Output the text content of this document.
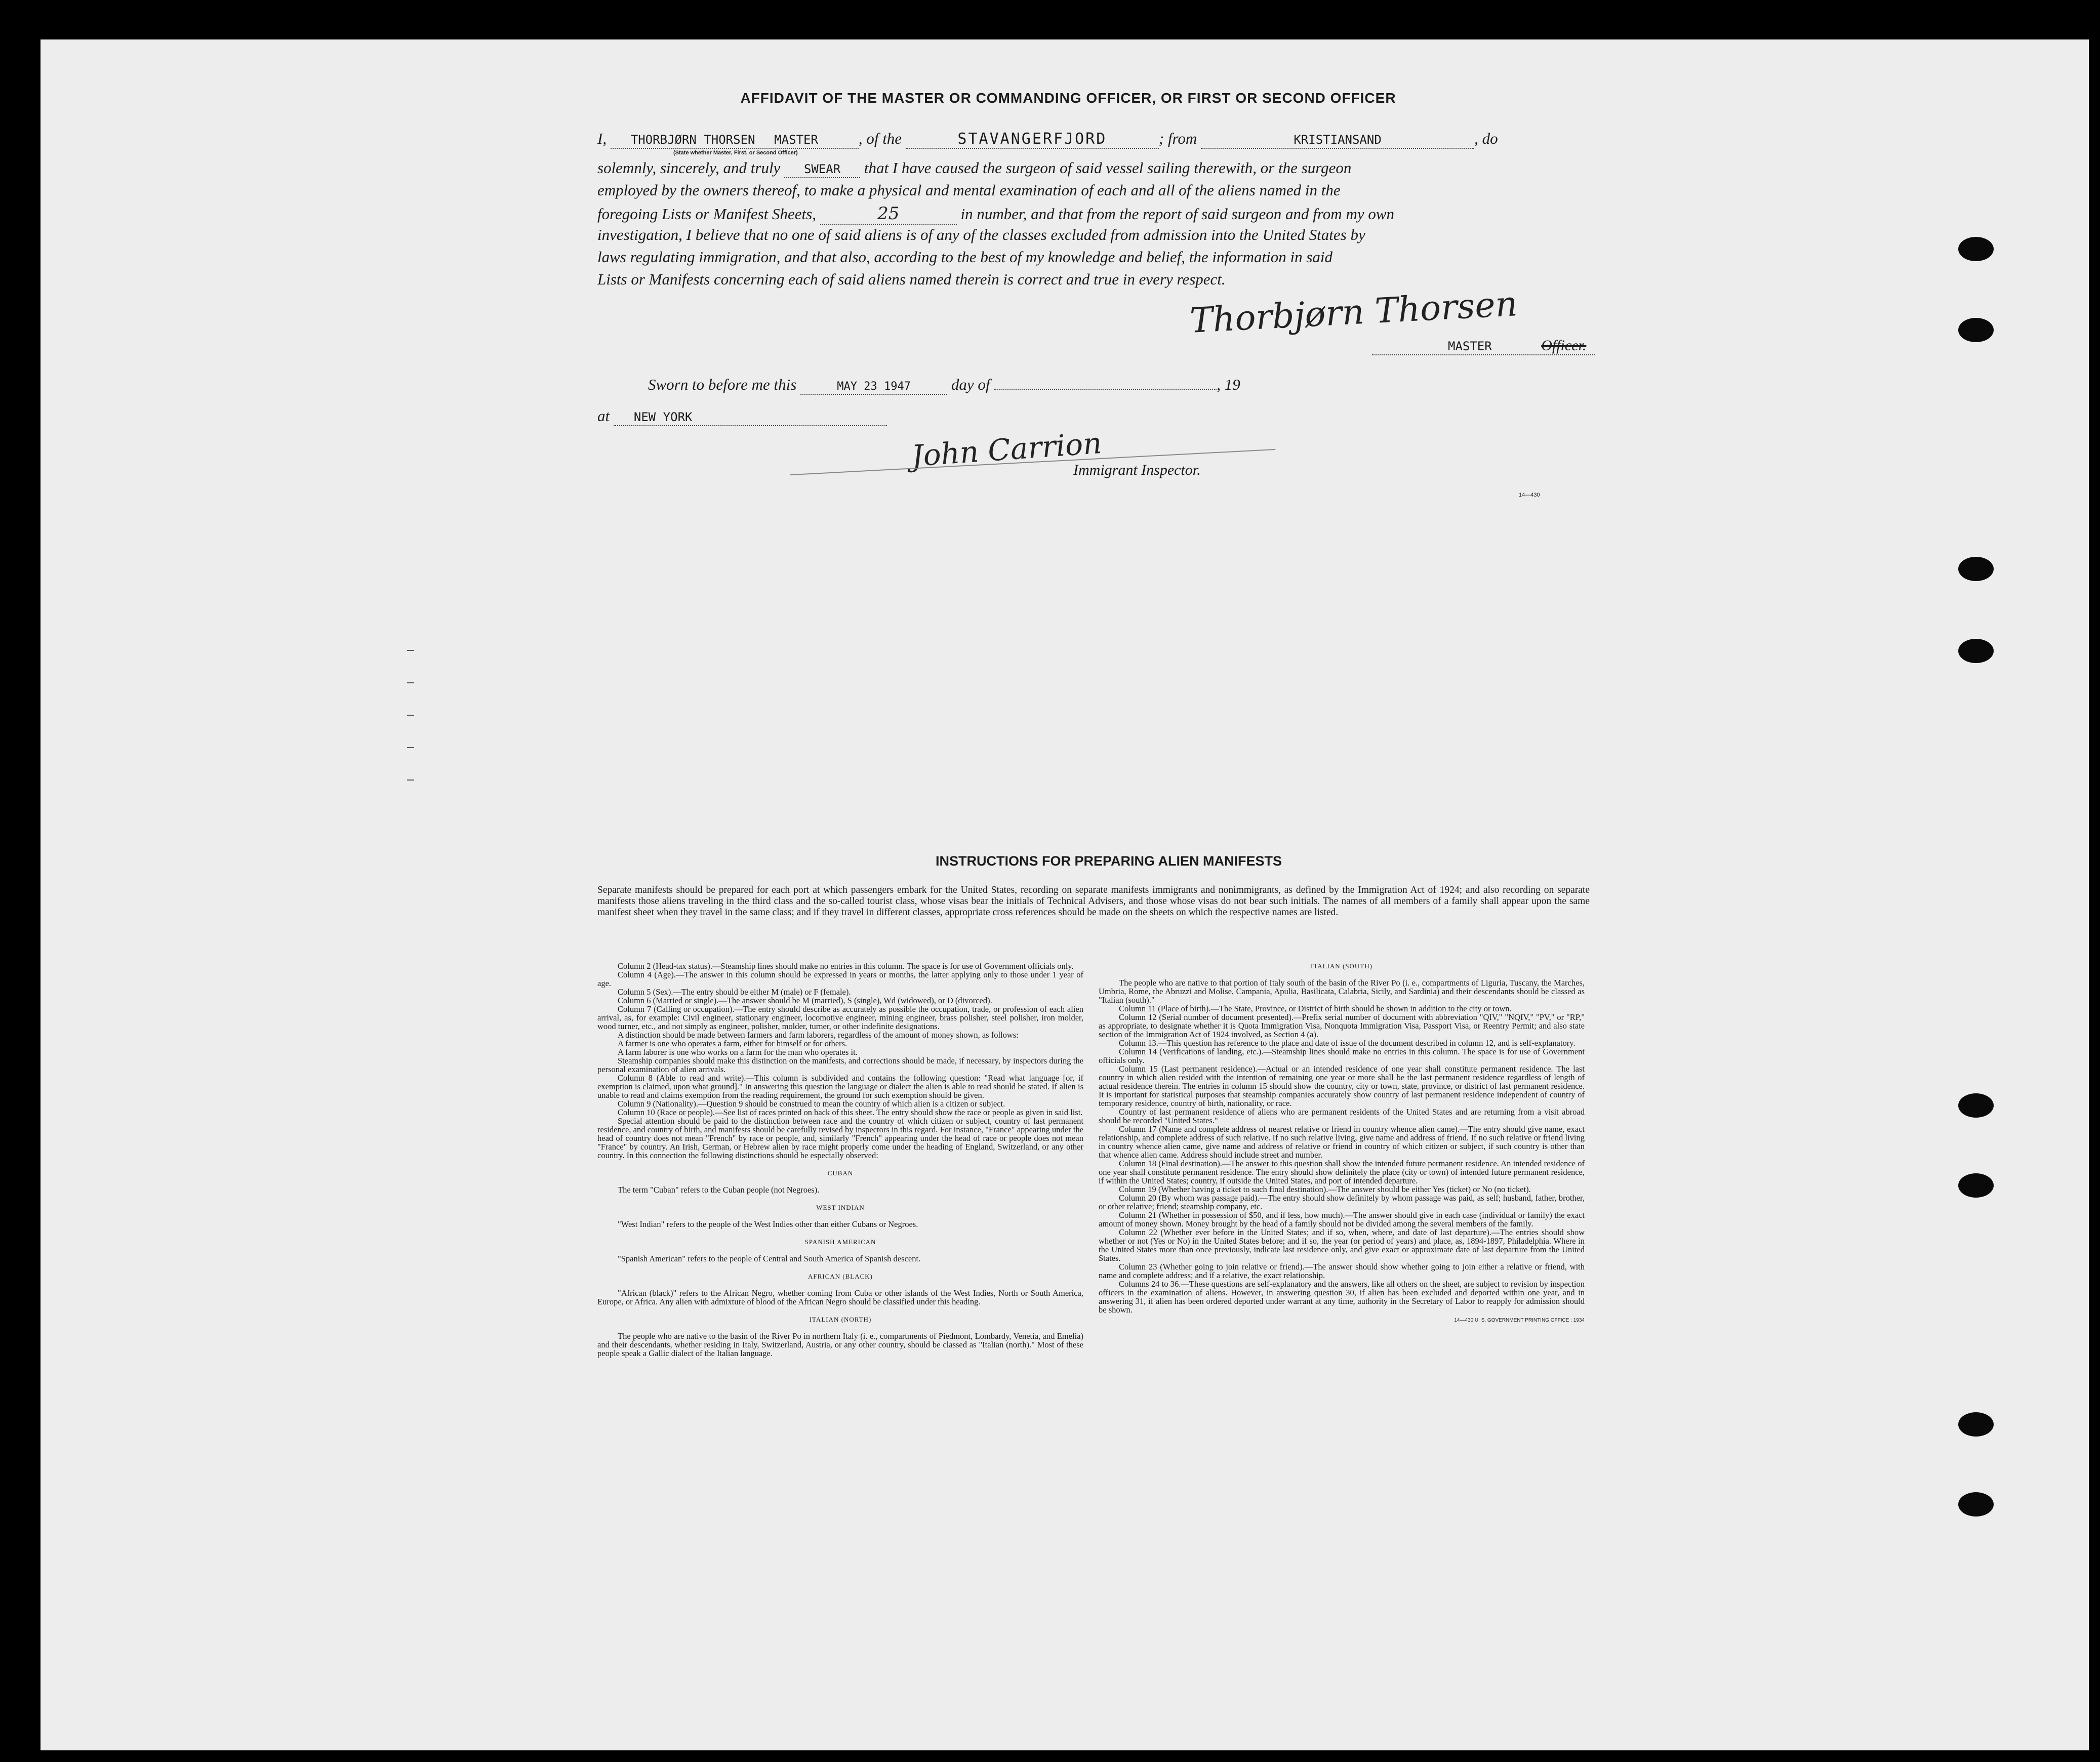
AFFIDAVIT OF THE MASTER OR COMMANDING OFFICER, OR FIRST OR SECOND OFFICER
I, THORBJØRN THORSEN MASTER	, of the	STAVANGERFJORD	; from	KRISTIANSAND	, do
(State whether Master, First, or Second Officer)
solemnly, sincerely, and truly SWEAR that I have caused the surgeon of said vessel sailing therewith, or the surgeon
employed by the owners thereof, to make a physical and mental examination of each and all of the aliens named in the
foregoing Lists or Manifest Sheets,	25	in number, and that from the report of said surgeon and from my own
investigation, I believe that no one of said aliens is of any of the classes excluded from admission into the United States by
laws regulating immigration, and that also, according to the best of my knowledge and belief, the information in said
Lists or Manifests concerning each of said aliens named therein is correct and true in every respect.
Thorbjørn Thorsen
MASTER	Officer.
Sworn to before me this	MAY 23 1947	day of	, 19
at NEW YORK
John Carrion
Immigrant Inspector.
14—430
INSTRUCTIONS FOR PREPARING ALIEN MANIFESTS
Separate manifests should be prepared for each port at which passengers embark for the United States, recording on separate manifests immigrants and nonimmigrants, as defined by the Immigration Act of 1924; and also recording on separate manifests those aliens traveling in the third class and the so-called tourist class, whose visas bear the initials of Technical Advisers, and those whose visas do not bear such initials. The names of all members of a family shall appear upon the same manifest sheet when they travel in the same class; and if they travel in different classes, appropriate cross references should be made on the sheets on which the respective names are listed.

Column 2 (Head-tax status).—Steamship lines should make no entries in this column. The space is for use of Government officials only.

Column 4 (Age).—The answer in this column should be expressed in years or months, the latter applying only to those under 1 year of age.

Column 5 (Sex).—The entry should be either M (male) or F (female).

Column 6 (Married or single).—The answer should be M (married), S (single), Wd (widowed), or D (divorced).

Column 7 (Calling or occupation).—The entry should describe as accurately as possible the occupation, trade, or profession of each alien arrival, as, for example: Civil engineer, stationary engineer, locomotive engineer, mining engineer, brass polisher, steel polisher, iron molder, wood turner, etc., and not simply as engineer, polisher, molder, turner, or other indefinite designations.

A distinction should be made between farmers and farm laborers, regardless of the amount of money shown, as follows:

A farmer is one who operates a farm, either for himself or for others.

A farm laborer is one who works on a farm for the man who operates it.

Steamship companies should make this distinction on the manifests, and corrections should be made, if necessary, by inspectors during the personal examination of alien arrivals.

Column 8 (Able to read and write).—This column is subdivided and contains the following question: "Read what language [or, if exemption is claimed, upon what ground]." In answering this question the language or dialect the alien is able to read should be stated. If alien is unable to read and claims exemption from the reading requirement, the ground for such exemption should be given.

Column 9 (Nationality).—Question 9 should be construed to mean the country of which alien is a citizen or subject.

Column 10 (Race or people).—See list of races printed on back of this sheet. The entry should show the race or people as given in said list.

Special attention should be paid to the distinction between race and the country of which citizen or subject, country of last permanent residence, and country of birth, and manifests should be carefully revised by inspectors in this regard. For instance, "France" appearing under the head of country does not mean "French" by race or people, and, similarly "French" appearing under the head of race or people does not mean "France" by country. An Irish, German, or Hebrew alien by race might properly come under the heading of England, Switzerland, or any other country. In this connection the following distinctions should be especially observed:

CUBAN

The term "Cuban" refers to the Cuban people (not Negroes).

WEST INDIAN

"West Indian" refers to the people of the West Indies other than either Cubans or Negroes.

SPANISH AMERICAN

"Spanish American" refers to the people of Central and South America of Spanish descent.

AFRICAN (BLACK)

"African (black)" refers to the African Negro, whether coming from Cuba or other islands of the West Indies, North or South America, Europe, or Africa. Any alien with admixture of blood of the African Negro should be classified under this heading.

ITALIAN (NORTH)

The people who are native to the basin of the River Po in northern Italy (i. e., compartments of Piedmont, Lombardy, Venetia, and Emelia) and their descendants, whether residing in Italy, Switzerland, Austria, or any other country, should be classed as "Italian (north)." Most of these people speak a Gallic dialect of the Italian language.

ITALIAN (SOUTH)

The people who are native to that portion of Italy south of the basin of the River Po (i. e., compartments of Liguria, Tuscany, the Marches, Umbria, Rome, the Abruzzi and Molise, Campania, Apulia, Basilicata, Calabria, Sicily, and Sardinia) and their descendants should be classed as "Italian (south)."

Column 11 (Place of birth).—The State, Province, or District of birth should be shown in addition to the city or town.

Column 12 (Serial number of document presented).—Prefix serial number of document with abbreviation "QIV," "NQIV," "PV," or "RP," as appropriate, to designate whether it is Quota Immigration Visa, Nonquota Immigration Visa, Passport Visa, or Reentry Permit; and also state section of the Immigration Act of 1924 involved, as Section 4 (a).

Column 13.—This question has reference to the place and date of issue of the document described in column 12, and is self-explanatory.

Column 14 (Verifications of landing, etc.).—Steamship lines should make no entries in this column. The space is for use of Government officials only.

Column 15 (Last permanent residence).—Actual or an intended residence of one year shall constitute permanent residence. The last country in which alien resided with the intention of remaining one year or more shall be the last permanent residence regardless of length of actual residence therein. The entries in column 15 should show the country, city or town, state, province, or district of last permanent residence. It is important for statistical purposes that steamship companies accurately show country of last permanent residence independent of country of temporary residence, country of birth, nationality, or race.

Country of last permanent residence of aliens who are permanent residents of the United States and are returning from a visit abroad should be recorded "United States."

Column 17 (Name and complete address of nearest relative or friend in country whence alien came).—The entry should give name, exact relationship, and complete address of such relative. If no such relative living, give name and address of friend. If no such relative or friend living in country whence alien came, give name and address of relative or friend in country of which citizen or subject, if such country is other than that whence alien came. Address should include street and number.

Column 18 (Final destination).—The answer to this question shall show the intended future permanent residence. An intended residence of one year shall constitute permanent residence. The entry should show definitely the place (city or town) of intended future permanent residence, if within the United States; country, if outside the United States, and port of intended departure.

Column 19 (Whether having a ticket to such final destination).—The answer should be either Yes (ticket) or No (no ticket).

Column 20 (By whom was passage paid).—The entry should show definitely by whom passage was paid, as self; husband, father, brother, or other relative; friend; steamship company, etc.

Column 21 (Whether in possession of $50, and if less, how much).—The answer should give in each case (individual or family) the exact amount of money shown. Money brought by the head of a family should not be divided among the several members of the family.

Column 22 (Whether ever before in the United States; and if so, when, where, and date of last departure).—The entries should show whether or not (Yes or No) in the United States before; and if so, the year (or period of years) and place, as, 1894-1897, Philadelphia. Where in the United States more than once previously, indicate last residence only, and give exact or approximate date of last departure from the United States.

Column 23 (Whether going to join relative or friend).—The answer should show whether going to join either a relative or friend, with name and complete address; and if a relative, the exact relationship.

Columns 24 to 36.—These questions are self-explanatory and the answers, like all others on the sheet, are subject to revision by inspection officers in the examination of aliens. However, in answering question 30, if alien has been excluded and deported within one year, and in answering 31, if alien has been ordered deported under warrant at any time, authority in the Secretary of Labor to reapply for admission should be shown.

14—430 U. S. GOVERNMENT PRINTING OFFICE : 1934
